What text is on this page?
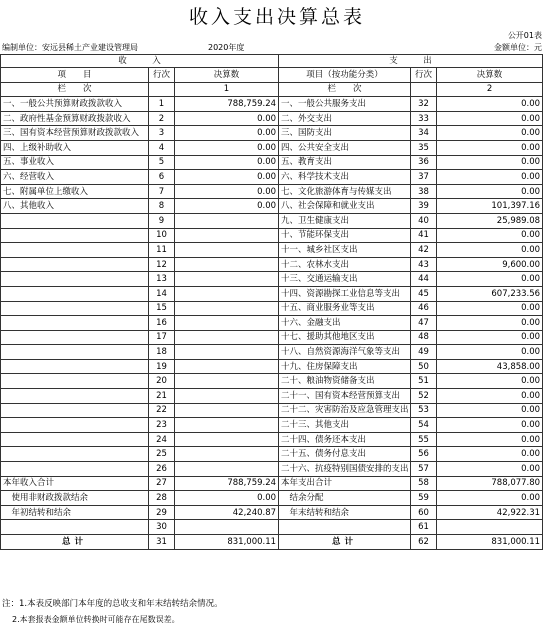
收入支出决算总表
公开01表
编制单位：安远县稀土产业建设管理局	2020年度	金额单位：元
收　　　入			支　　　出		
项　　目	行次	决算数	项目（按功能分类）	行次	决算数
栏　　次		1	栏　　次		2
一、一般公共预算财政拨款收入	1	788,759.24	一、一般公共服务支出	32	0.00
二、政府性基金预算财政拨款收入	2	0.00	二、外交支出	33	0.00
三、国有资本经营预算财政拨款收入	3	0.00	三、国防支出	34	0.00
四、上级补助收入	4	0.00	四、公共安全支出	35	0.00
五、事业收入	5	0.00	五、教育支出	36	0.00
六、经营收入	6	0.00	六、科学技术支出	37	0.00
七、附属单位上缴收入	7	0.00	七、文化旅游体育与传媒支出	38	0.00
八、其他收入	8	0.00	八、社会保障和就业支出	39	101,397.16
	9		九、卫生健康支出	40	25,989.08
	10		十、节能环保支出	41	0.00
	11		十一、城乡社区支出	42	0.00
	12		十二、农林水支出	43	9,600.00
	13		十三、交通运输支出	44	0.00
	14		十四、资源勘探工业信息等支出	45	607,233.56
	15		十五、商业服务业等支出	46	0.00
	16		十六、金融支出	47	0.00
	17		十七、援助其他地区支出	48	0.00
	18		十八、自然资源海洋气象等支出	49	0.00
	19		十九、住房保障支出	50	43,858.00
	20		二十、粮油物资储备支出	51	0.00
	21		二十一、国有资本经营预算支出	52	0.00
	22		二十二、灾害防治及应急管理支出	53	0.00
	23		二十三、其他支出	54	0.00
	24		二十四、债务还本支出	55	0.00
	25		二十五、债务付息支出	56	0.00
	26		二十六、抗疫特别国债安排的支出	57	0.00
本年收入合计	27	788,759.24	本年支出合计	58	788,077.80
　使用非财政拨款结余	28	0.00	　结余分配	59	0.00
　年初结转和结余	29	42,240.87	　年末结转和结余	60	42,922.31
	30			61	
总计	31	831,000.11	总计	62	831,000.11
注：1.本表反映部门本年度的总收支和年末结转结余情况。
2.本套报表金额单位转换时可能存在尾数误差。
